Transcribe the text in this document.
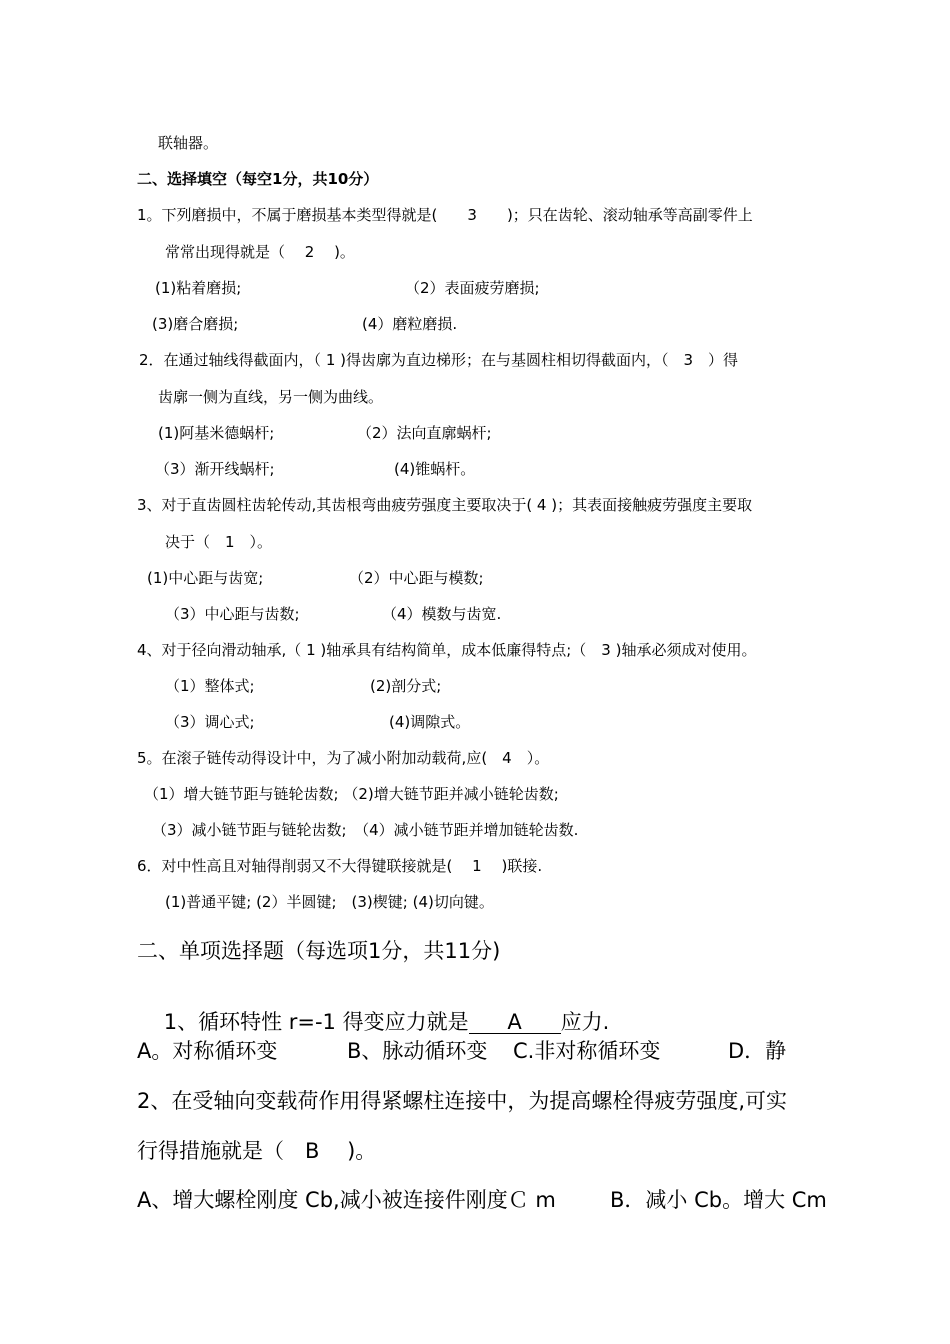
联轴器。
二、选择填空（每空1分，共10分）
1。下列磨损中，不属于磨损基本类型得就是(　　3　　)；只在齿轮、滚动轴承等高副零件上
常常出现得就是（　 2　 )。
(1)粘着磨损;	（2）表面疲劳磨损;
(3)磨合磨损;	(4）磨粒磨损.
2．在通过轴线得截面内，（ 1 )得齿廓为直边梯形；在与基圆柱相切得截面内，（　3　）得
齿廓一侧为直线，另一侧为曲线。
(1)阿基米德蜗杆;	（2）法向直廓蜗杆;
（3）渐开线蜗杆;	(4)锥蜗杆。
3、对于直齿圆柱齿轮传动,其齿根弯曲疲劳强度主要取决于( 4 )；其表面接触疲劳强度主要取
决于（　1　）。
(1)中心距与齿宽;	（2）中心距与模数;
（3）中心距与齿数;	（4）模数与齿宽.
4、对于径向滑动轴承,（ 1 )轴承具有结构简单，成本低廉得特点;（　3 )轴承必须成对使用。
（1）整体式;	(2)剖分式;
（3）调心式;	(4)调隙式。
5。在滚子链传动得设计中，为了减小附加动载荷,应(　4　）。
（1）增大链节距与链轮齿数; （2)增大链节距并减小链轮齿数;
（3）减小链节距与链轮齿数;　（4）减小链节距并增加链轮齿数.
6．对中性高且对轴得削弱又不大得键联接就是(　 1　 )联接.
(1)普通平键; (2）半圆键;　(3)楔键; (4)切向键。
二、单项选择题（每选项1分，共11分)

1、循环特性 r=-1 得变应力就是 A 应力.

A。对称循环变	B、脉动循环变 C.非对称循环变	D．静
2、在受轴向变载荷作用得紧螺柱连接中，为提高螺栓得疲劳强度,可实
行得措施就是（　B　 )。
A、增大螺栓刚度 Cb,减小被连接件刚度Ｃ m	B．减小 Cb。增大 Cm
